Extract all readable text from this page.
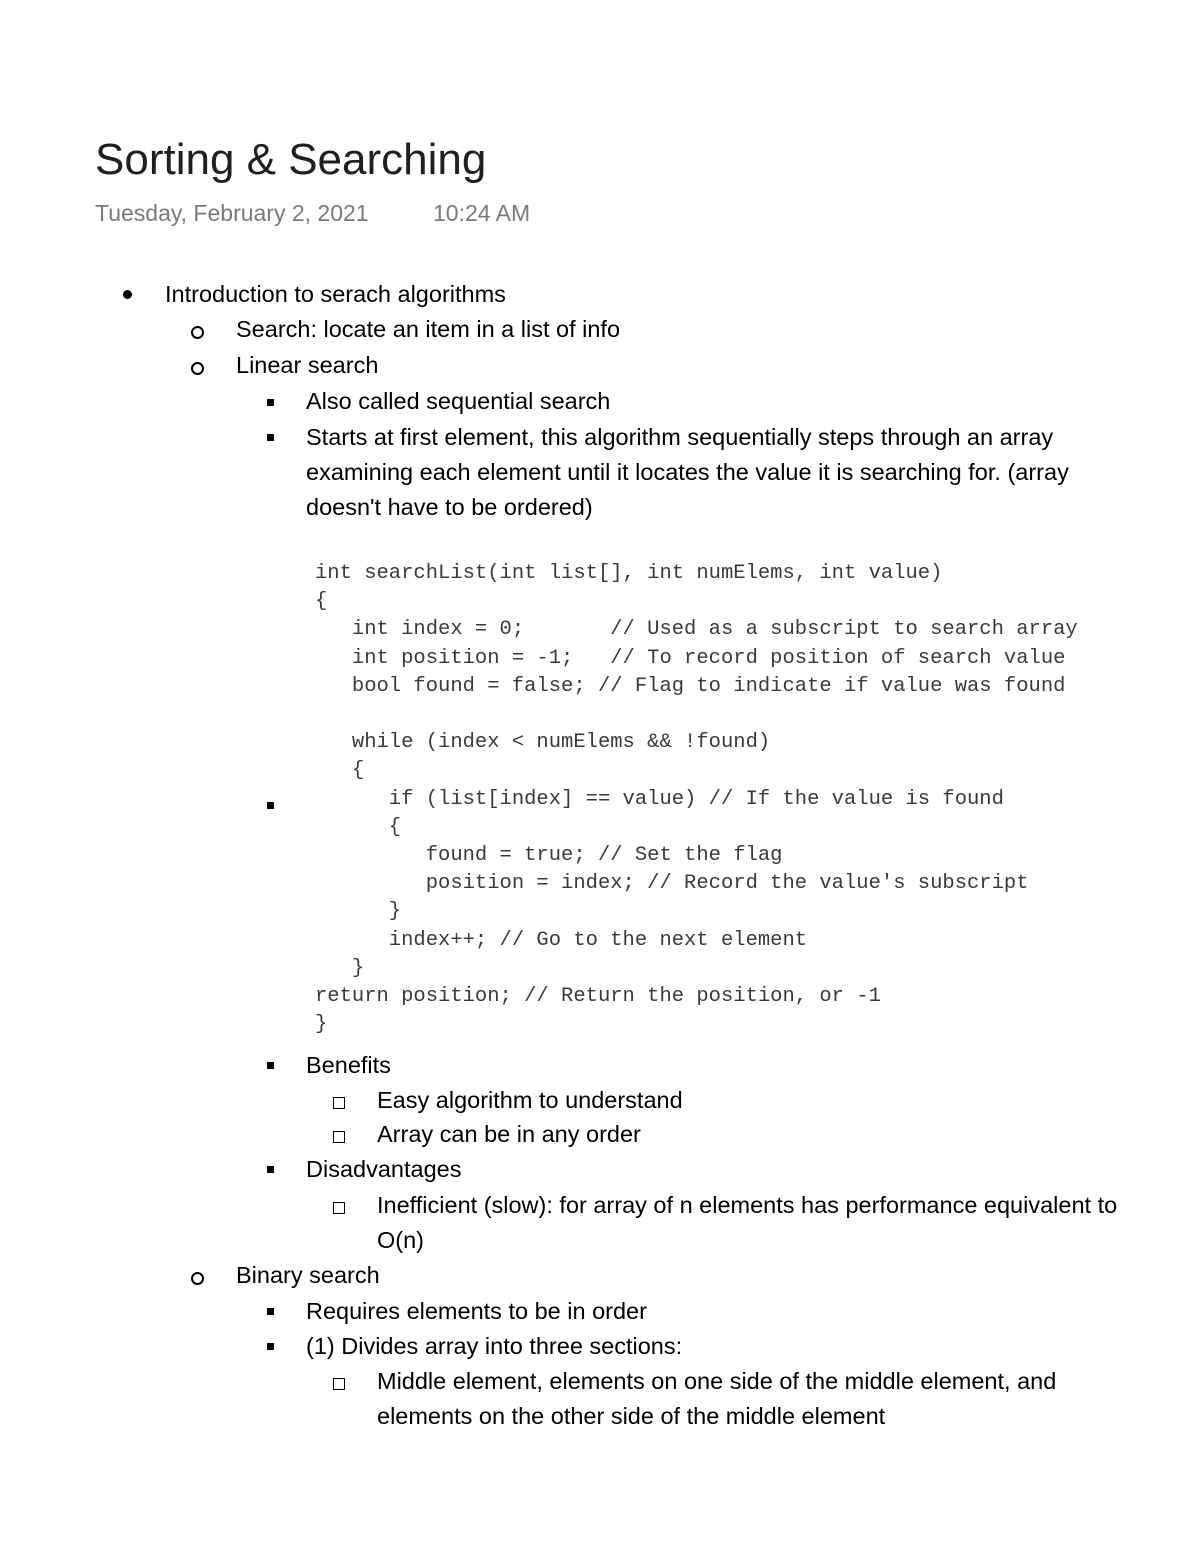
Sorting & Searching
Tuesday, February 2, 2021	10:24 AM
Introduction to serach algorithms
Search: locate an item in a list of info
Linear search
Also called sequential search
Starts at first element, this algorithm sequentially steps through an array
examining each element until it locates the value it is searching for. (array
doesn't have to be ordered)
int searchList(int list[], int numElems, int value)
{
int index = 0;       // Used as a subscript to search array
int position = -1;   // To record position of search value
bool found = false; // Flag to indicate if value was found

while (index < numElems && !found)
{
if (list[index] == value) // If the value is found
{
found = true; // Set the flag
position = index; // Record the value's subscript
}
index++; // Go to the next element
}
return position; // Return the position, or -1
}
Benefits
Easy algorithm to understand
Array can be in any order
Disadvantages
Inefficient (slow): for array of n elements has performance equivalent to
O(n)
Binary search
Requires elements to be in order
(1) Divides array into three sections:
Middle element, elements on one side of the middle element, and
elements on the other side of the middle element
